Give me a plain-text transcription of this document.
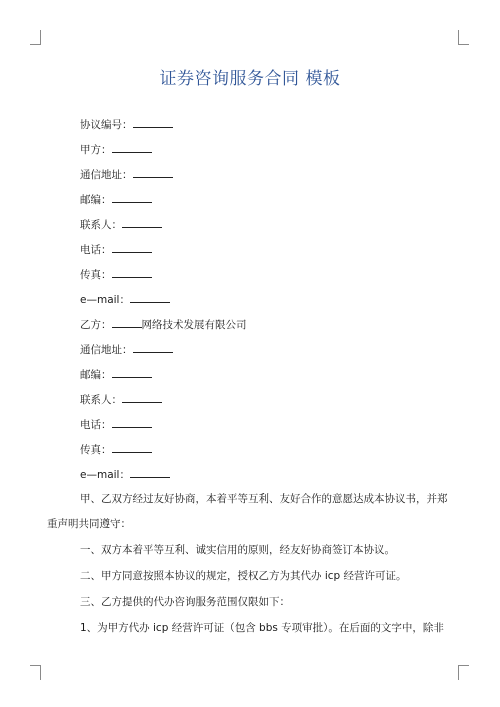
证券咨询服务合同 模板
协议编号：
甲方：
通信地址：
邮编：
联系人：
电话：
传真：
e—mail：
乙方：	网络技术发展有限公司
通信地址：
邮编：
联系人：
电话：
传真：
e—mail：
甲、乙双方经过友好协商，本着平等互利、友好合作的意愿达成本协议书，并郑
重声明共同遵守：
一、双方本着平等互利、诚实信用的原则，经友好协商签订本协议。
二、甲方同意按照本协议的规定，授权乙方为其代办 icp 经营许可证。
三、乙方提供的代办咨询服务范围仅限如下：
1、为甲方代办 icp 经营许可证（包含 bbs 专项审批）。在后面的文字中，除非
